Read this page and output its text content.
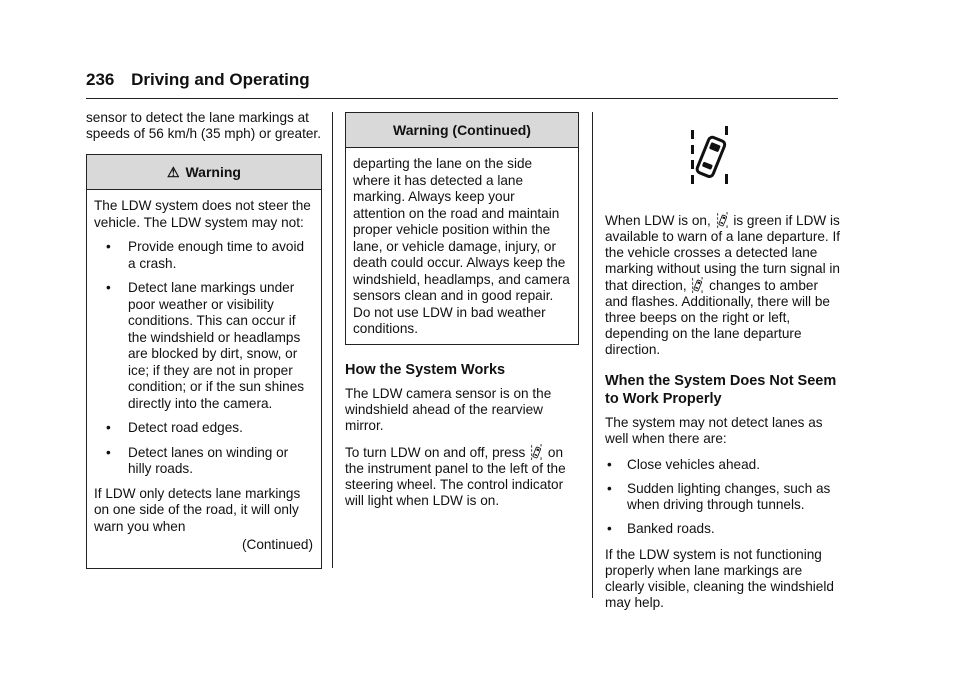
236 Driving and Operating

sensor to detect the lane markings at speeds of 56 km/h (35 mph) or greater.

⚠ Warning

The LDW system does not steer the vehicle. The LDW system may not:

• Provide enough time to avoid a crash.
• Detect lane markings under poor weather or visibility conditions. This can occur if the windshield or headlamps are blocked by dirt, snow, or ice; if they are not in proper condition; or if the sun shines directly into the camera.
• Detect road edges.
• Detect lanes on winding or hilly roads.

If LDW only detects lane markings on one side of the road, it will only warn you when

(Continued)

Warning (Continued)

departing the lane on the side where it has detected a lane marking. Always keep your attention on the road and maintain proper vehicle position within the lane, or vehicle damage, injury, or death could occur. Always keep the windshield, headlamps, and camera sensors clean and in good repair. Do not use LDW in bad weather conditions.

How the System Works

The LDW camera sensor is on the windshield ahead of the rearview mirror.

To turn LDW on and off, press on the instrument panel to the left of the steering wheel. The control indicator will light when LDW is on.

When LDW is on, is green if LDW is available to warn of a lane departure. If the vehicle crosses a detected lane marking without using the turn signal in that direction, changes to amber and flashes. Additionally, there will be three beeps on the right or left, depending on the lane departure direction.

When the System Does Not Seem to Work Properly

The system may not detect lanes as well when there are:

• Close vehicles ahead.
• Sudden lighting changes, such as when driving through tunnels.
• Banked roads.

If the LDW system is not functioning properly when lane markings are clearly visible, cleaning the windshield may help.
